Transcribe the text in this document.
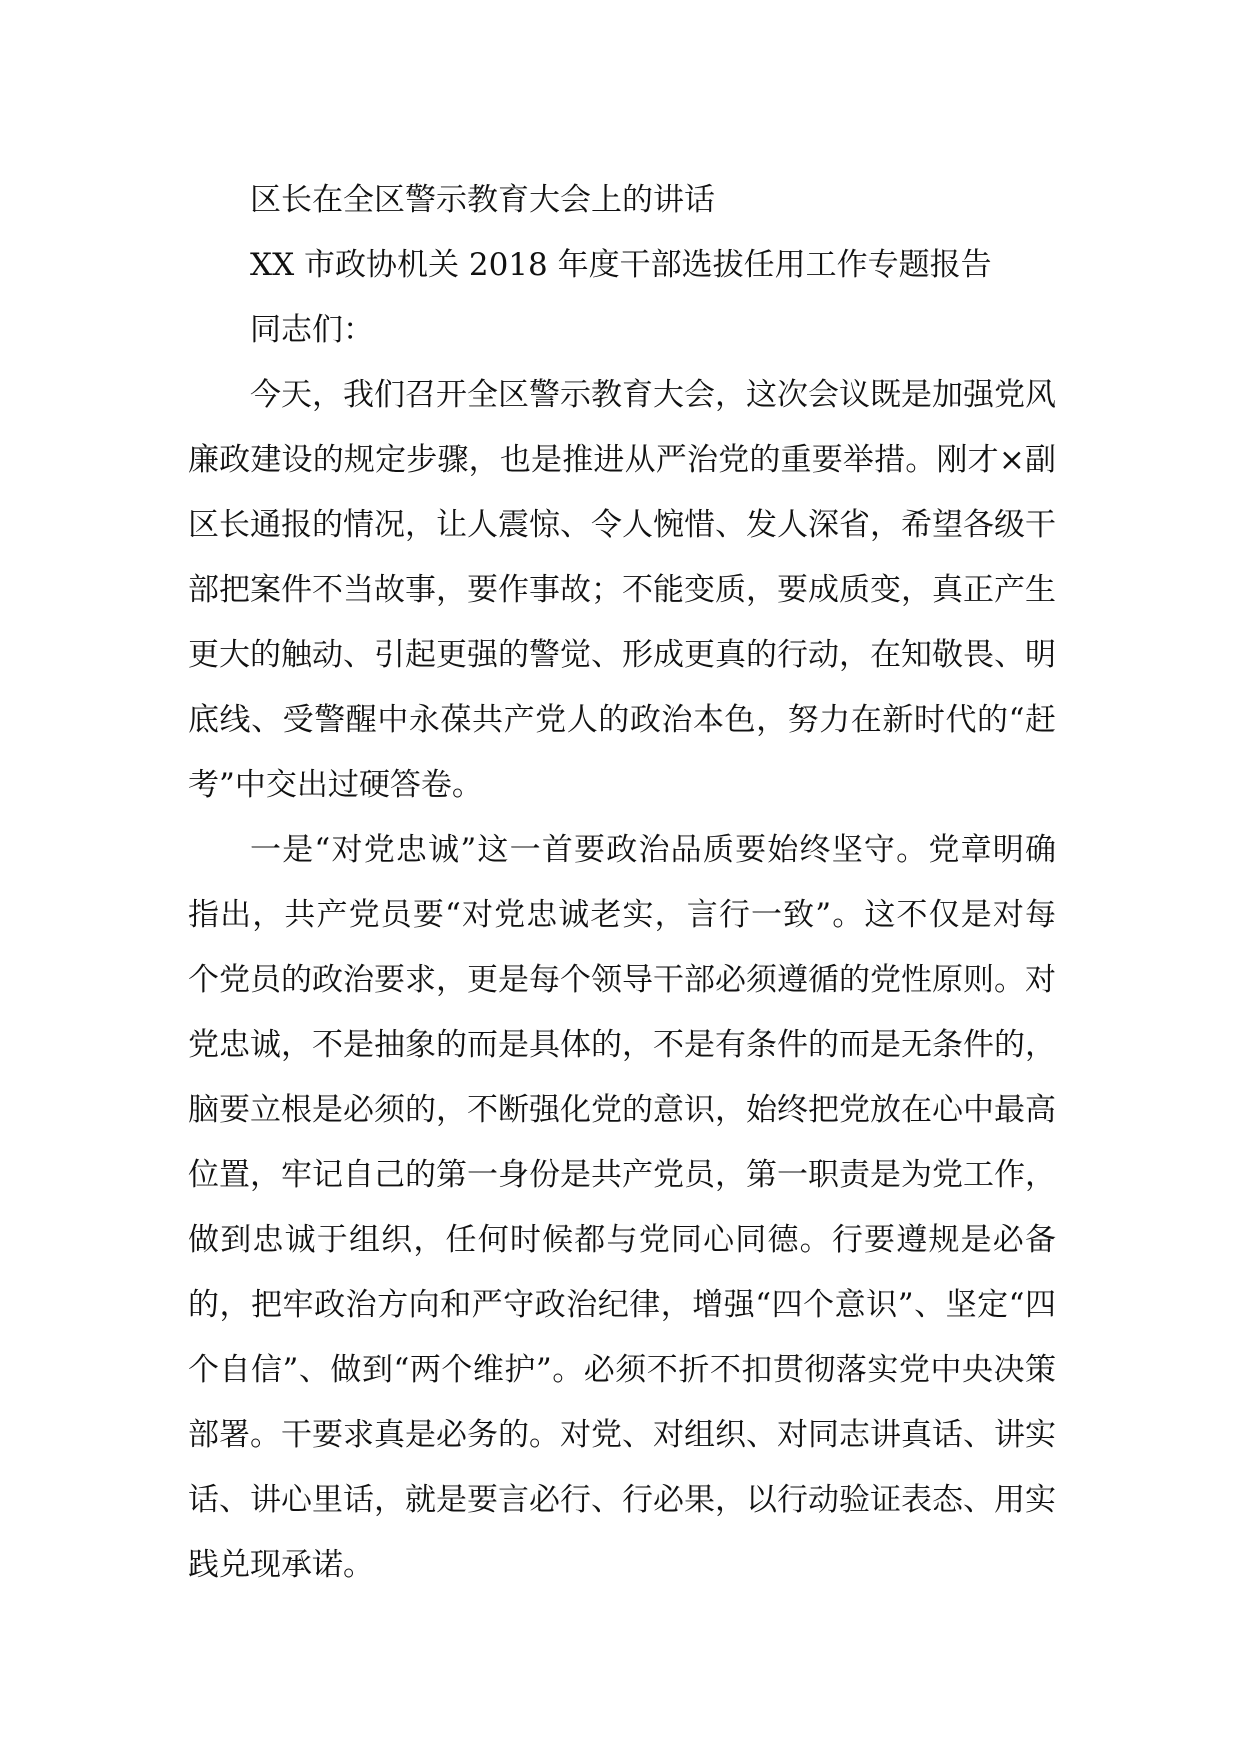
区长在全区警示教育大会上的讲话

XX 市政协机关 2018 年度干部选拔任用工作专题报告

同志们：

今天，我们召开全区警示教育大会，这次会议既是加强党风廉政建设的规定步骤，也是推进从严治党的重要举措。刚才×副区长通报的情况，让人震惊、令人惋惜、发人深省，希望各级干部把案件不当故事，要作事故；不能变质，要成质变，真正产生更大的触动、引起更强的警觉、形成更真的行动，在知敬畏、明底线、受警醒中永葆共产党人的政治本色，努力在新时代的“赶考”中交出过硬答卷。

一是“对党忠诚”这一首要政治品质要始终坚守。党章明确指出，共产党员要“对党忠诚老实，言行一致”。这不仅是对每个党员的政治要求，更是每个领导干部必须遵循的党性原则。对党忠诚，不是抽象的而是具体的，不是有条件的而是无条件的，脑要立根是必须的，不断强化党的意识，始终把党放在心中最高位置，牢记自己的第一身份是共产党员，第一职责是为党工作，做到忠诚于组织，任何时候都与党同心同德。行要遵规是必备的，把牢政治方向和严守政治纪律，增强“四个意识”、坚定“四个自信”、做到“两个维护”。必须不折不扣贯彻落实党中央决策部署。干要求真是必务的。对党、对组织、对同志讲真话、讲实话、讲心里话，就是要言必行、行必果，以行动验证表态、用实践兑现承诺。
